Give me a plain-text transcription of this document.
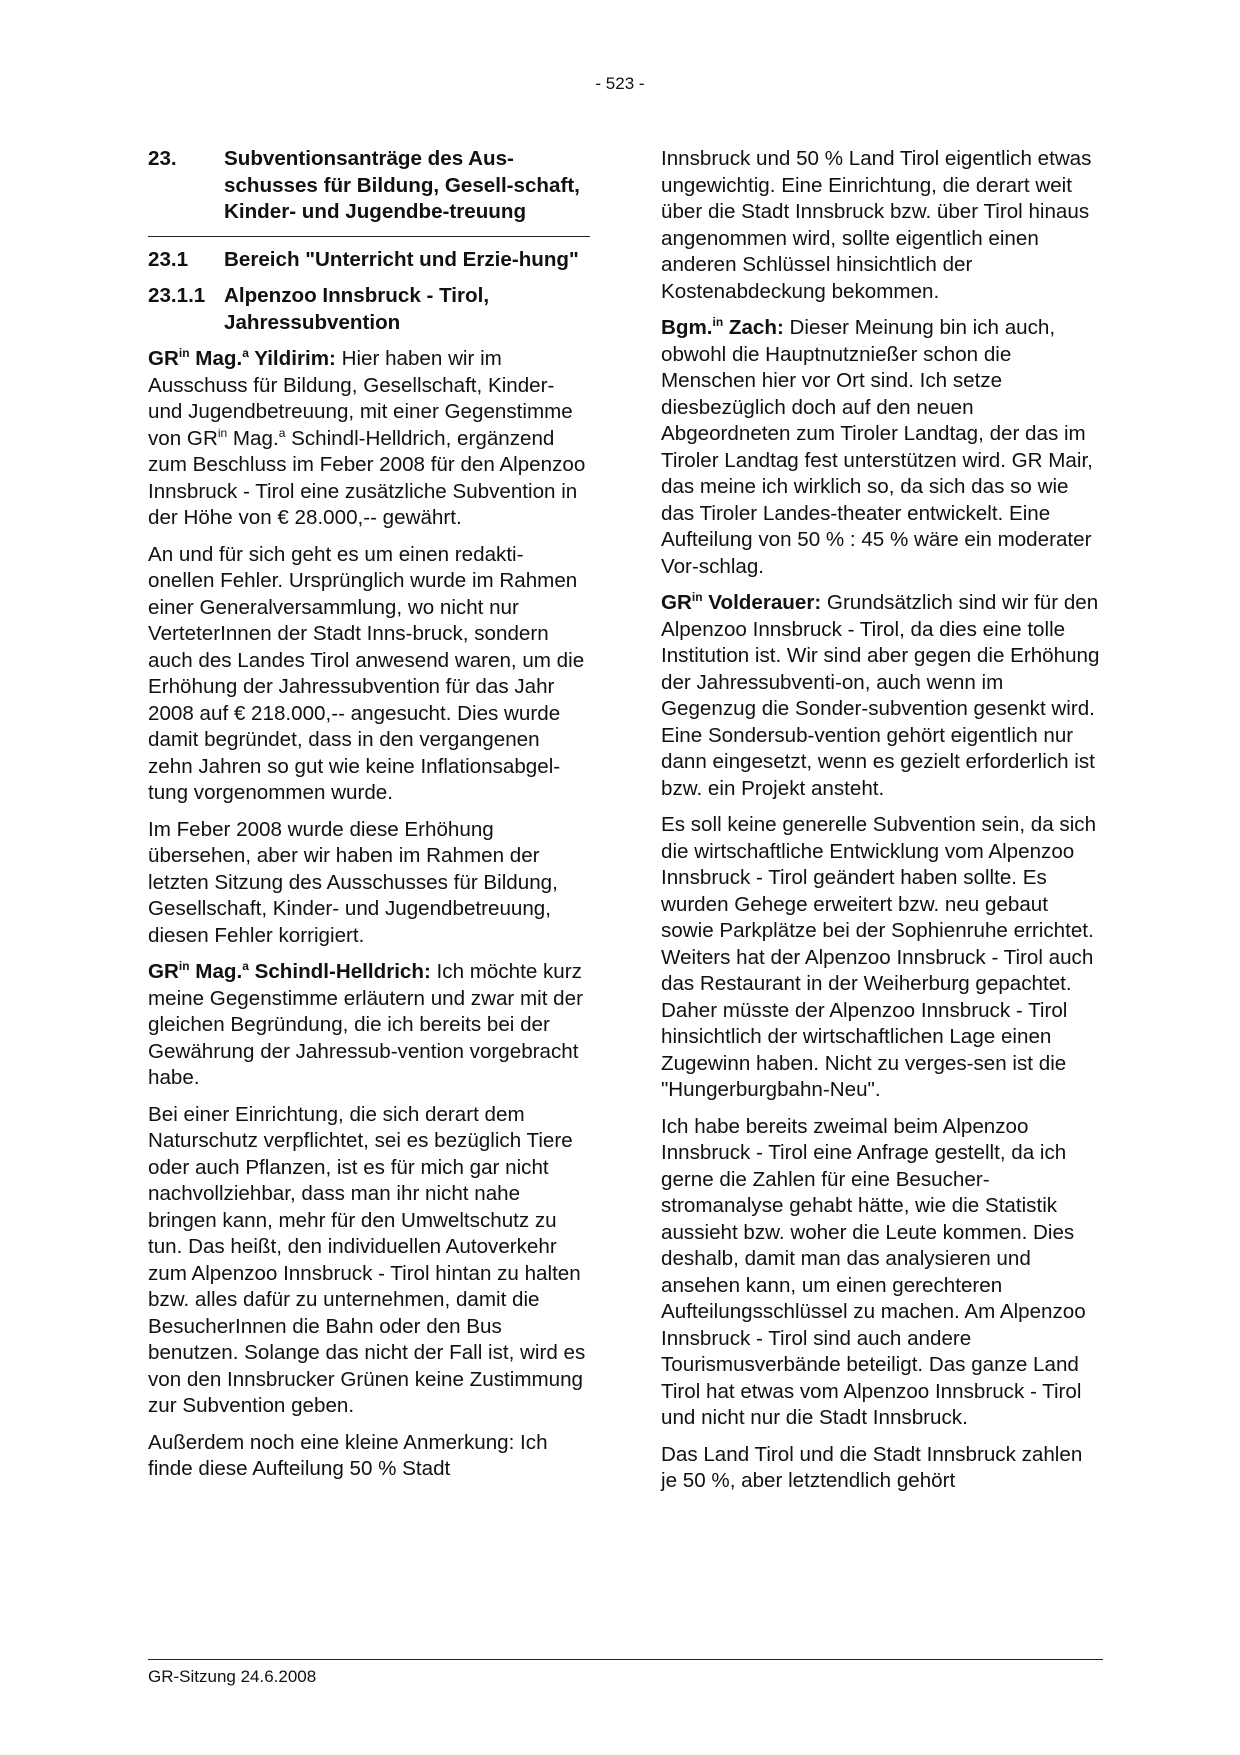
- 523 -
23.	Subventionsanträge des Aus-schusses für Bildung, Gesell-schaft, Kinder- und Jugendbe-treuung
23.1	Bereich "Unterricht und Erzie-hung"
23.1.1 Alpenzoo Innsbruck - Tirol, Jahressubvention

$GR^{in}$ Mag.$^a$ Yildirim: Hier haben wir im Ausschuss für Bildung, Gesellschaft, Kinder- und Jugendbetreuung, mit einer Gegenstimme von $GR^{in}$ Mag.$^a$ Schindl-Helldrich, ergänzend zum Beschluss im Feber 2008 für den Alpenzoo Innsbruck - Tirol eine zusätzliche Subvention in der Höhe von € 28.000,-- gewährt.

An und für sich geht es um einen redakti-onellen Fehler. Ursprünglich wurde im Rahmen einer Generalversammlung, wo nicht nur VerteterInnen der Stadt Inns-bruck, sondern auch des Landes Tirol anwesend waren, um die Erhöhung der Jahressubvention für das Jahr 2008 auf € 218.000,-- angesucht. Dies wurde damit begründet, dass in den vergangenen zehn Jahren so gut wie keine Inflationsabgel-tung vorgenommen wurde.

Im Feber 2008 wurde diese Erhöhung übersehen, aber wir haben im Rahmen der letzten Sitzung des Ausschusses für Bildung, Gesellschaft, Kinder- und Jugendbetreuung, diesen Fehler korrigiert.

$GR^{in}$ Mag.$^a$ Schindl-Helldrich: Ich möchte kurz meine Gegenstimme erläutern und zwar mit der gleichen Begründung, die ich bereits bei der Gewährung der Jahressub-vention vorgebracht habe.

Bei einer Einrichtung, die sich derart dem Naturschutz verpflichtet, sei es bezüglich Tiere oder auch Pflanzen, ist es für mich gar nicht nachvollziehbar, dass man ihr nicht nahe bringen kann, mehr für den Umweltschutz zu tun. Das heißt, den individuellen Autoverkehr zum Alpenzoo Innsbruck - Tirol hintan zu halten bzw. alles dafür zu unternehmen, damit die BesucherInnen die Bahn oder den Bus benutzen. Solange das nicht der Fall ist, wird es von den Innsbrucker Grünen keine Zustimmung zur Subvention geben.

Außerdem noch eine kleine Anmerkung: Ich finde diese Aufteilung 50 % Stadt

Innsbruck und 50 % Land Tirol eigentlich etwas ungewichtig. Eine Einrichtung, die derart weit über die Stadt Innsbruck bzw. über Tirol hinaus angenommen wird, sollte eigentlich einen anderen Schlüssel hinsichtlich der Kostenabdeckung bekommen.

Bgm.$^{in}$ Zach: Dieser Meinung bin ich auch, obwohl die Hauptnutznießer schon die Menschen hier vor Ort sind. Ich setze diesbezüglich doch auf den neuen Abgeordneten zum Tiroler Landtag, der das im Tiroler Landtag fest unterstützen wird. GR Mair, das meine ich wirklich so, da sich das so wie das Tiroler Landes-theater entwickelt. Eine Aufteilung von 50 % : 45 % wäre ein moderater Vor-schlag.

$GR^{in}$ Volderauer: Grundsätzlich sind wir für den Alpenzoo Innsbruck - Tirol, da dies eine tolle Institution ist. Wir sind aber gegen die Erhöhung der Jahressubventi-on, auch wenn im Gegenzug die Sonder-subvention gesenkt wird. Eine Sondersub-vention gehört eigentlich nur dann eingesetzt, wenn es gezielt erforderlich ist bzw. ein Projekt ansteht.

Es soll keine generelle Subvention sein, da sich die wirtschaftliche Entwicklung vom Alpenzoo Innsbruck - Tirol geändert haben sollte. Es wurden Gehege erweitert bzw. neu gebaut sowie Parkplätze bei der Sophienruhe errichtet. Weiters hat der Alpenzoo Innsbruck - Tirol auch das Restaurant in der Weiherburg gepachtet. Daher müsste der Alpenzoo Innsbruck - Tirol hinsichtlich der wirtschaftlichen Lage einen Zugewinn haben. Nicht zu verges-sen ist die "Hungerburgbahn-Neu".

Ich habe bereits zweimal beim Alpenzoo Innsbruck - Tirol eine Anfrage gestellt, da ich gerne die Zahlen für eine Besucher-stromanalyse gehabt hätte, wie die Statistik aussieht bzw. woher die Leute kommen. Dies deshalb, damit man das analysieren und ansehen kann, um einen gerechteren Aufteilungsschlüssel zu machen. Am Alpenzoo Innsbruck - Tirol sind auch andere Tourismusverbände beteiligt. Das ganze Land Tirol hat etwas vom Alpenzoo Innsbruck - Tirol und nicht nur die Stadt Innsbruck.

Das Land Tirol und die Stadt Innsbruck zahlen je 50 %, aber letztendlich gehört

GR-Sitzung 24.6.2008
